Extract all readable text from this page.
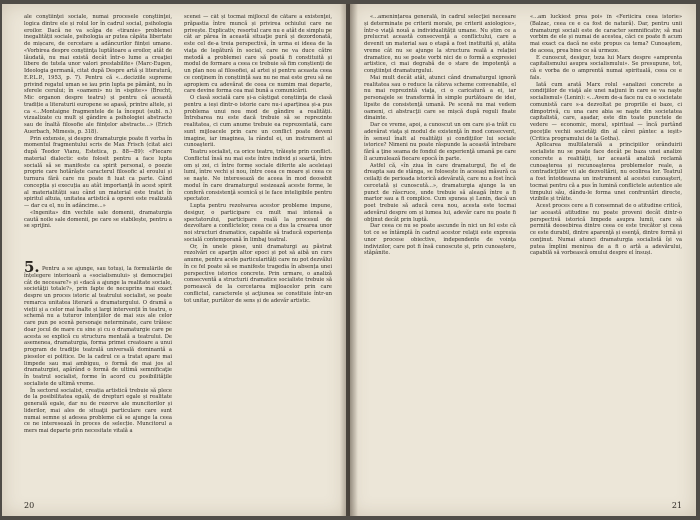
ale conştiinţei sociale, numai procesele conştiinţei, logica dintre ele și rolul lor în cadrul social, psihologia eroilor. Dacă ne va scăpa de «tiranie» problemei inegalității sociale, psihologia ar putea căpăta libertate de mișcare, de cercetare a adâncurilor ființei umane. «Vorbirea despre conştiinţa luptătoare a eroilor, atât de lăudată, nu mai există decât într-o lume a creaţiei libere de tutela unor valori prestabilite» (Marc-Eugen, Ideologia germană, citat după Despre artă și literatură, E.P.L.P., 1953, p. 7). Pentru că «...deciziile supreme privind regatul uman se iau prin lupta pe pământ, nu în sferele cerului; în «oameni» nu în «ispite»» (Brecht, Mic organon despre teatru) și pentru că această tradiție a literaturii europene se apasă, printre altele, și ca «...Montaigne fragmentele de la început (subl. n.) vizualizate cu mult și gândire a psihologiei abstracte sau de înaltă filosofie ale ființelor abstracte...» (Erich Auerbach, Mimesis, p. 318).

Prin extensie, și despre dramaturgie poate fi vorba în momentul fragmentului scris de Max Frisch (citat aici după Teodor Vianu, Estetica, p. 88—89): «Fiecare material dialectic este folosit pentru a face lupta socială să se manifeste ca spirit personal, o poezie proprie care hotărăște caracterul filosofic al eroului și turnura fără care nu poate fi luat ca parte. Când concepția și execuția au atât importanţă în acest spirit al materialității sau când un material este tratat în spiritul altuia, unitatea artistică a operei este realizată — dar cu el, nu în adâncime...»

«Ingenita» din vechile sale domenii, dramaturgia caută noile sale domenii, pe care se stabilește, pentru a se sprijini.

5. Pentru a se ajunge, sau totuși, la formulările de înțelegere interioară a «socialismului» și democraţiei cât de necesare?» și «dacă a ajunge la realitate sociale, societăţii totale?», prin fapte de necuprins mai exact despre un proces istoric al teatrului socialist, se poate remarca unitatea literară a dramaturgului. O dramă a vieții și a celor mai înalte și largi intervenții în teatru, o schemă nu a tuturor intenţiilor de mai sus ale celor care pun pe scenă personaje neterminate, care trăiesc doar jocul de mare cu sine și cu o dramaturgie care pe acesta se explică cu structura mentală a teatrului. De asemenea, dramaturgia, forma primei creatoare a unui program de tradiţie teatrală universală dominantă a pieselor ei politice. De la cadrul ce a tratat apare mai limpede sau mai ambiguu, o formă de mai jos al dramaturgiei, apărând o formă de ultimă semnificaţie în teatrul socialist, forme în acord cu posibilităţile socialiste de ultimă vreme.

În sectorul socialist, creația artistică trebuie să plece de la posibilitatea egală, de drepturi egale și realitate generală egale, dar nu de rezerve ale muncitorilor și liderilor, mai ales de situaţii particulare care sunt numai semne și adesea probleme că se ajunge la ceea ce ne interesează în proces de selecție. Muncitorul a mers mai departe prin necesitate vitală a

scenei — cât și tocmai mijlocul de cătare a existenţei, prăpastia între muncă și privirea ochiului care ne privește. Explicativ, resortul care nu e atât de simplu pe cât ar părea în această situaţie pură și dezordonată, este cel de-a treia perspectivă, în urma ei ideea de la viaţa de legătură în social, care ne va duce către metodă a problemei care să poată fi constituită și modul de formare a ceea ce trebuie să fim conștienți de un plan nou al filosofiei, al artei și pentru aceasta ceea ce conţinem în conștiință sau nu ne mai este greu să ne apropiem cu adevărat de ceea ce numim mai departe, care devine forma cea mai bună a comunicării.

O clasă socială care și-a câștigat conștiinţa de clasă pentru a ieși dintr-o istorie care nu-i aparținea și-a pus problema unui nou mod de gândire a realității. Întrebarea nu este dacă trebuie să se reprezinte realitatea, ci cum anume trebuie ea reprezentată, care sunt mijloacele prin care un conflict poate deveni imagine, iar imaginea, la rândul ei, un instrument al cunoaşterii.

Teatru socialist, ca orice teatru, trăiește prin conflict. Conflictul însă nu mai este între individ și soartă, între om și zei, ci între forme sociale diferite ale aceleiași lumi, între vechi și nou, între ceea ce moare și ceea ce se naşte. Ne interesează de aceea în mod deosebit modul în care dramaturgul sesizează aceste forme, le conferă consistenţă scenică și le face inteligibile pentru spectator.

Lupta pentru rezolvarea acestor probleme impune, desigur, o participare cu mult mai intensă a spectatorului, participare reală la procesul de dezvoltare a conflictelor, ceea ce a dus la crearea unor noi structuri dramatice, capabile să traducă experiența socială contemporană în limbaj teatral.

Or, în unele piese, unii dramaturgi au păstrat rezolvări ce aparţin altor epoci și pot să aibă un curs anume, pentru acele particularități care nu pot dezvălui în ce fel poate să se manifeste tragedia în absența unei perspective istorice concrete. Prin urmare, o analiză consecventă a structurii dramatice socialiste trebuie să pornească de la cercetarea mijloacelor prin care conflictul, caracterele și acţiunea se constituie într-un tot unitar, purtător de sens și de adevăr artistic.

20

«...amenințarea generală, în cadrul selecţiei necesare și determinate pe criterii morale, pe criterii axiologice», într-o viaţă nouă a individualității umane. Nu știm ce a prelucrat această consecvenţă a conflictului, care a devenit un material sau o etapă a fost instituită și, atâta vreme cât nu se ajunge la structura reală a relației dramatice, nu se poate vorbi nici de o formă a expresiei artistice, ci mai degrabă de o stare de impotenţă a conştiinţei dramaturgului.

Mai mult decât atât, atunci când dramaturgul ignoră realitatea sau o reduce la câteva scheme convenabile, el nu mai reprezintă viaţa, ci o caricatură a ei, iar personajele se transformă în simple purtătoare de idei, lipsite de consistenţă umană. Pe scenă nu mai vedem oameni, ci abstracţii care se mișcă după reguli fixate dinainte.

Dar ce vreme, apoi, a cunoscut un om care și-a trăit cu adevărat viaţa și modul de existenţă în mod consecvent, în sensul înalt al realităţii și condiţiilor lui sociale istorice? Nimeni nu poate răspunde la această întrebare fără a ţine seama de fondul de experienţă umană pe care îl acumulează fiecare epocă în parte.

Astfel că, «în ziua în care dramaturgul, fie el de dreapta sau de stânga, se folosește în aceeași măsură ca ceilalți de perioada istorică adevărată, care nu a fost încă cercetată și cunoscută...», dramaturgia ajunge la un punct de răscruce, unde trebuie să aleagă între a fi martor sau a fi complice. Cum spunea și Lenin, dacă un poet trebuie să aducă ceva nou, acesta este tocmai adevărul despre om și lumea lui, adevăr care nu poate fi obţinut decât prin luptă.

Dar ceea ce nu se poate ascunde în nici un fel este că tot ce se întâmplă în cadrul acestor relaţii este expresia unor procese obiective, independente de voinţa indivizilor, care pot fi însă cunoscute și, prin cunoaștere, stăpânite.

«...am luckiest prea poi» în «Feriicira ceea istorie» (Balzac, ceea ce e ca fost de natură). Dar, pentru unii dramaturgi sociali este de caracter semnificativ; să mai vorbim de ele și numai de acestea, căci ce poate fi acum mai exact ca dacă ne este propus ca tema? Cunoaștem, de aceea, prea bine ce să urmeze.

E cunoscut, desigur, teza lui Marx despre «amprenta capitalismului asupra socialismului». Se presupune, tot, că e vorba de o amprentă numai spirituală, ceea ce e fals.

Iată cum arată Marx rolul «analizei concrete a condiţiilor de viaţă ale unei naţiuni în care se va naşte socialismul» (Lenin): «...Avem de-a face nu cu o societate comunistă care s-a dezvoltat pe propriile ei baze, ci dimpotrivă, cu una care abia se naşte din societatea capitalistă, care, așadar, este din toate punctele de vedere — economic, moral, spiritual — încă purtând pecețile vechii societăţi din al cărei pântec a ieşit» (Critica programului de la Gotha).

Aplicarea multilaterală a principiilor orânduirii socialiste nu se poate face decât pe baza unei analize concrete a realităţii, iar această analiză reclamă cunoaşterea și recunoaşterea problemelor reale, a contradicţiilor vii ale dezvoltării, nu ocolirea lor. Teatrul a fost întotdeauna un instrument al acestei cunoaşteri, tocmai pentru că a pus în lumină conflictele autentice ale timpului său, dându-le forma unei confruntări directe, vizibile și trăite.

Acest proces cere a fi consemnat de o atitudine critică, iar această atitudine nu poate proveni decât dintr-o perspectivă istorică limpede asupra lumii, care să permită deosebirea dintre ceea ce este trecător și ceea ce este durabil, dintre aparenţă și esenţă, dintre formă și conţinut. Numai atunci dramaturgia socialistă își va putea împlini menirea de a fi o artă a adevărului, capabilă să vorbească omului despre el însuși.

21
